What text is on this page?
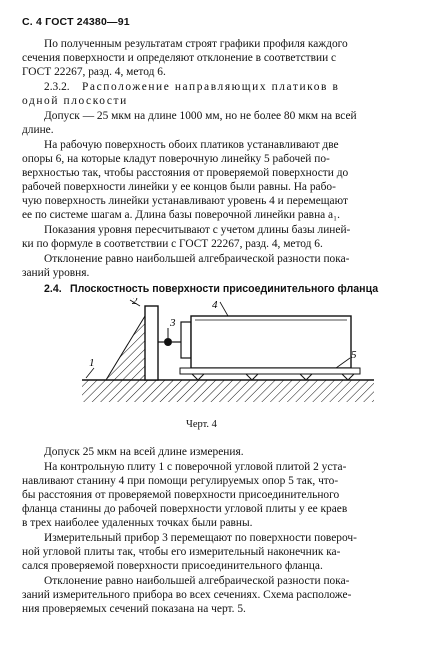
С. 4 ГОСТ 24380—91
По полученным результатам строят графики профиля каждого
сечения поверхности и определяют отклонение в соответствии с
ГОСТ 22267, разд. 4, метод 6.
2.3.2. Расположение направляющих платиков в
одной плоскости
Допуск — 25 мкм на длине 1000 мм, но не более 80 мкм на всей
длине.
На рабочую поверхность обоих платиков устанавливают две
опоры 6, на которые кладут поверочную линейку 5 рабочей по-
верхностью так, чтобы расстояния от проверяемой поверхности до
рабочей поверхности линейки у ее концов были равны. На рабо-
чую поверхность линейки устанавливают уровень 4 и перемещают
ее по системе шагам а. Длина базы поверочной линейки равна a₁.
Показания уровня пересчитывают с учетом длины базы линей-
ки по формуле в соответствии с ГОСТ 22267, разд. 4, метод 6.
Отклонение равно наибольшей алгебраической разности пока-
заний уровня.
2.4. Плоскостность поверхности присоединительного фланца
1
2
3
4
5
Черт. 4
Допуск 25 мкм на всей длине измерения.
На контрольную плиту 1 с поверочной угловой плитой 2 уста-
навливают станину 4 при помощи регулируемых опор 5 так, что-
бы расстояния от проверяемой поверхности присоединительного
фланца станины до рабочей поверхности угловой плиты у ее краев
в трех наиболее удаленных точках были равны.
Измерительный прибор 3 перемещают по поверхности повероч-
ной угловой плиты так, чтобы его измерительный наконечник ка-
сался проверяемой поверхности присоединительного фланца.
Отклонение равно наибольшей алгебраической разности пока-
заний измерительного прибора во всех сечениях. Схема расположе-
ния проверяемых сечений показана на черт. 5.
